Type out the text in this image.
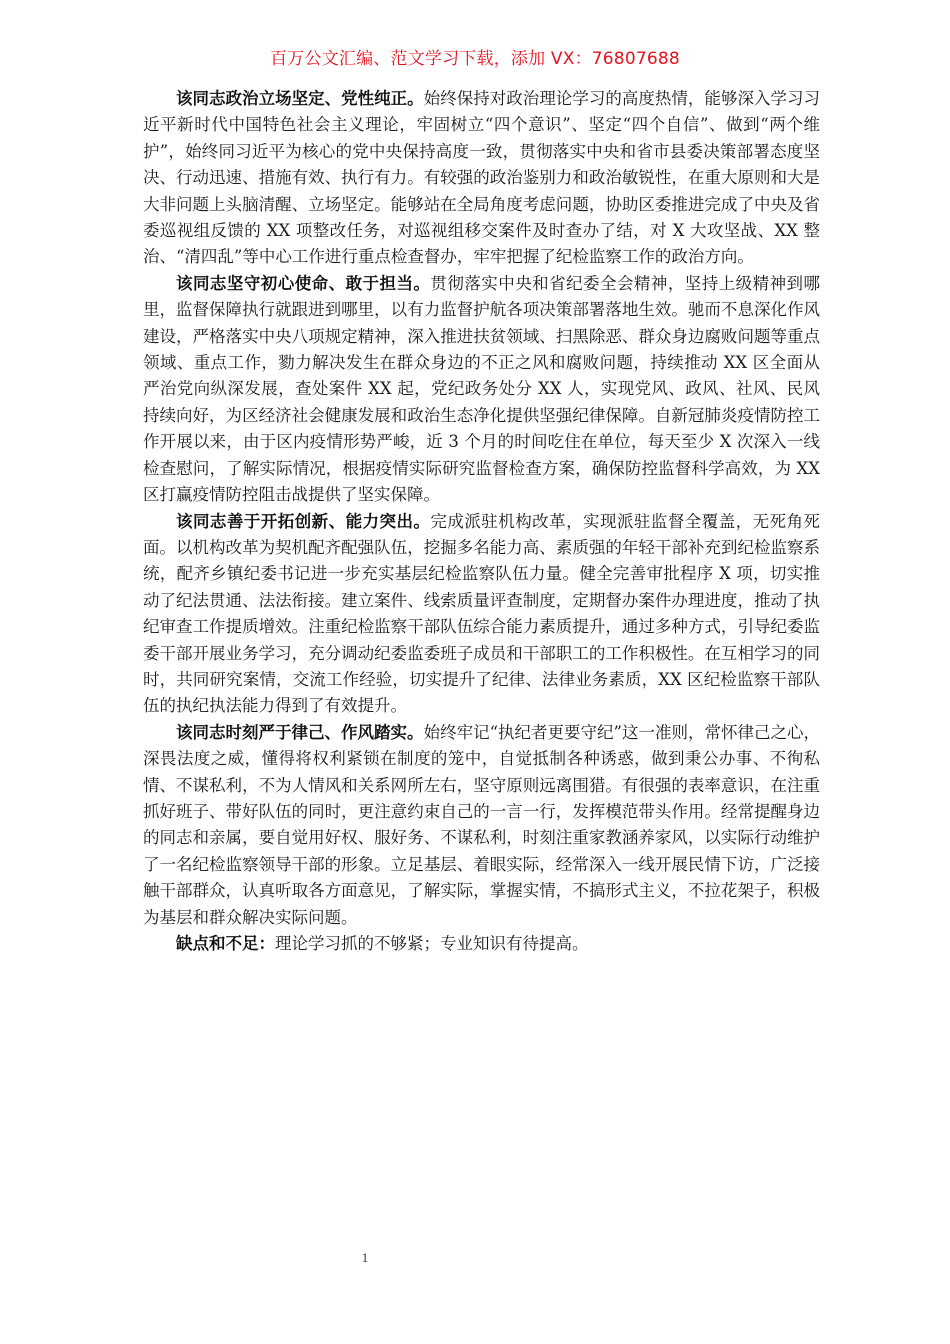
百万公文汇编、范文学习下载，添加 VX：76807688

该同志政治立场坚定、党性纯正。始终保持对政治理论学习的高度热情，能够深入学习习近平新时代中国特色社会主义理论，牢固树立“四个意识”、坚定“四个自信”、做到“两个维护”，始终同习近平为核心的党中央保持高度一致，贯彻落实中央和省市县委决策部署态度坚决、行动迅速、措施有效、执行有力。有较强的政治鉴别力和政治敏锐性，在重大原则和大是大非问题上头脑清醒、立场坚定。能够站在全局角度考虑问题，协助区委推进完成了中央及省委巡视组反馈的 XX 项整改任务，对巡视组移交案件及时查办了结，对 X 大攻坚战、XX 整治、“清四乱”等中心工作进行重点检查督办，牢牢把握了纪检监察工作的政治方向。

该同志坚守初心使命、敢于担当。贯彻落实中央和省纪委全会精神，坚持上级精神到哪里，监督保障执行就跟进到哪里，以有力监督护航各项决策部署落地生效。驰而不息深化作风建设，严格落实中央八项规定精神，深入推进扶贫领域、扫黑除恶、群众身边腐败问题等重点领域、重点工作，勠力解决发生在群众身边的不正之风和腐败问题，持续推动 XX 区全面从严治党向纵深发展，查处案件 XX 起，党纪政务处分 XX 人，实现党风、政风、社风、民风持续向好，为区经济社会健康发展和政治生态净化提供坚强纪律保障。自新冠肺炎疫情防控工作开展以来，由于区内疫情形势严峻，近 3 个月的时间吃住在单位，每天至少 X 次深入一线检查慰问，了解实际情况，根据疫情实际研究监督检查方案，确保防控监督科学高效，为 XX 区打赢疫情防控阻击战提供了坚实保障。

该同志善于开拓创新、能力突出。完成派驻机构改革，实现派驻监督全覆盖，无死角死面。以机构改革为契机配齐配强队伍，挖掘多名能力高、素质强的年轻干部补充到纪检监察系统，配齐乡镇纪委书记进一步充实基层纪检监察队伍力量。健全完善审批程序 X 项，切实推动了纪法贯通、法法衔接。建立案件、线索质量评查制度，定期督办案件办理进度，推动了执纪审查工作提质增效。注重纪检监察干部队伍综合能力素质提升，通过多种方式，引导纪委监委干部开展业务学习，充分调动纪委监委班子成员和干部职工的工作积极性。在互相学习的同时，共同研究案情，交流工作经验，切实提升了纪律、法律业务素质，XX 区纪检监察干部队伍的执纪执法能力得到了有效提升。

该同志时刻严于律己、作风踏实。始终牢记“执纪者更要守纪”这一准则，常怀律己之心，深畏法度之威，懂得将权利紧锁在制度的笼中，自觉抵制各种诱惑，做到秉公办事、不徇私情、不谋私利，不为人情风和关系网所左右，坚守原则远离围猎。有很强的表率意识，在注重抓好班子、带好队伍的同时，更注意约束自己的一言一行，发挥模范带头作用。经常提醒身边的同志和亲属，要自觉用好权、服好务、不谋私利，时刻注重家教涵养家风，以实际行动维护了一名纪检监察领导干部的形象。立足基层、着眼实际，经常深入一线开展民情下访，广泛接触干部群众，认真听取各方面意见，了解实际，掌握实情，不搞形式主义，不拉花架子，积极为基层和群众解决实际问题。

缺点和不足：理论学习抓的不够紧；专业知识有待提高。

1
